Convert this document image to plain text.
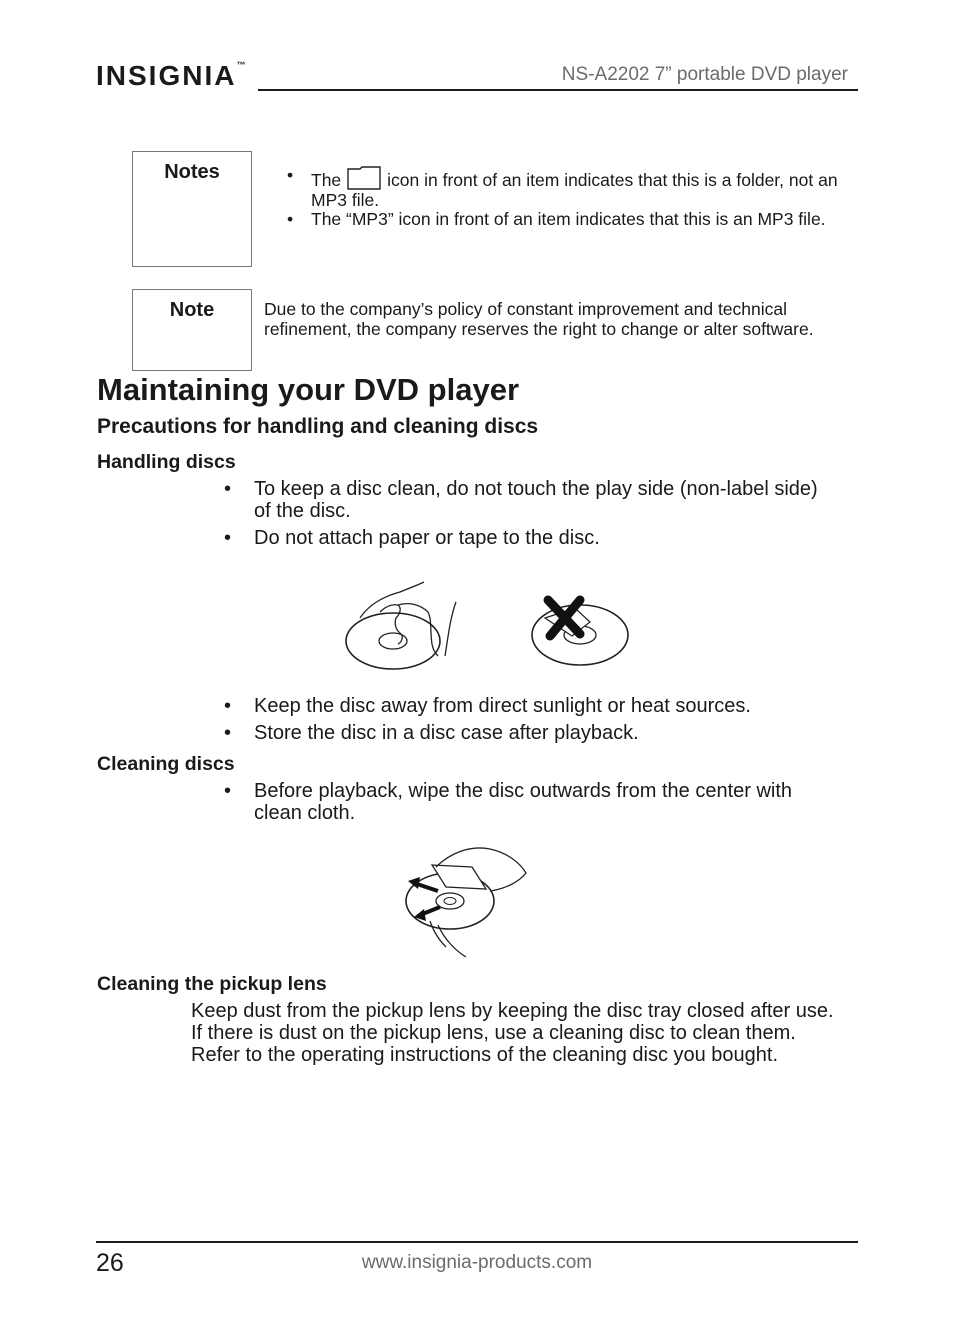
INSIGNIA™	NS-A2202 7” portable DVD player
Notes	• The	icon in front of an item indicates that this is a folder, not an MP3 file.
• The “MP3” icon in front of an item indicates that this is an MP3 file.
Note	Due to the company’s policy of constant improvement and technical refinement, the company reserves the right to change or alter software.
Maintaining your DVD player
Precautions for handling and cleaning discs
Handling discs
• To keep a disc clean, do not touch the play side (non-label side) of the disc.
• Do not attach paper or tape to the disc.
• Keep the disc away from direct sunlight or heat sources.
• Store the disc in a disc case after playback.
Cleaning discs
• Before playback, wipe the disc outwards from the center with clean cloth.
Cleaning the pickup lens
Keep dust from the pickup lens by keeping the disc tray closed after use. If there is dust on the pickup lens, use a cleaning disc to clean them. Refer to the operating instructions of the cleaning disc you bought.
26	www.insignia-products.com
